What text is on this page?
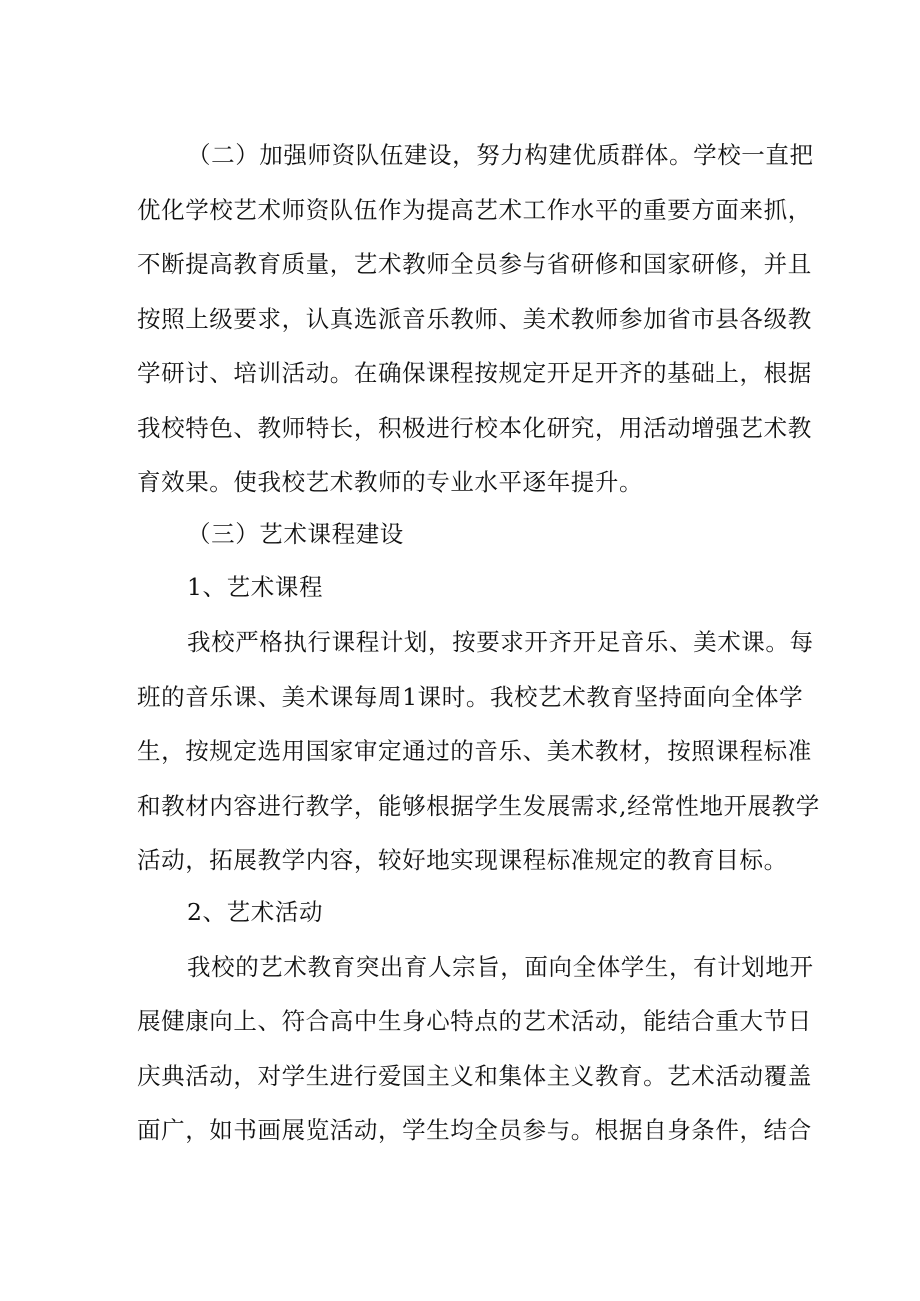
（二）加强师资队伍建设，努力构建优质群体。学校一直把
优化学校艺术师资队伍作为提高艺术工作水平的重要方面来抓，
不断提高教育质量，艺术教师全员参与省研修和国家研修，并且
按照上级要求，认真选派音乐教师、美术教师参加省市县各级教
学研讨、培训活动。在确保课程按规定开足开齐的基础上，根据
我校特色、教师特长，积极进行校本化研究，用活动增强艺术教
育效果。使我校艺术教师的专业水平逐年提升。
（三）艺术课程建设
1、艺术课程
我校严格执行课程计划，按要求开齐开足音乐、美术课。每
班的音乐课、美术课每周1课时。我校艺术教育坚持面向全体学
生，按规定选用国家审定通过的音乐、美术教材，按照课程标准
和教材内容进行教学，能够根据学生发展需求,经常性地开展教学
活动，拓展教学内容，较好地实现课程标准规定的教育目标。
2、艺术活动
我校的艺术教育突出育人宗旨，面向全体学生，有计划地开
展健康向上、符合高中生身心特点的艺术活动，能结合重大节日
庆典活动，对学生进行爱国主义和集体主义教育。艺术活动覆盖
面广，如书画展览活动，学生均全员参与。根据自身条件，结合
